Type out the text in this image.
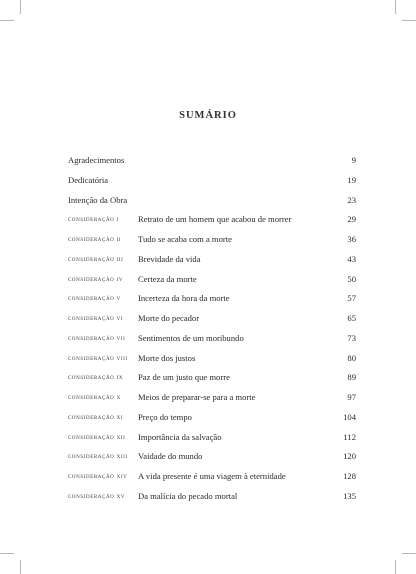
SUMÁRIO
Agradecimentos	9
Dedicatória	19
Intenção da Obra	23
consideração i Retrato de um homem que acabou de morrer	29
consideração ii Tudo se acaba com a morte	36
consideração iii Brevidade da vida	43
consideração iv Certeza da morte	50
consideração v Incerteza da hora da morte	57
consideração vi Morte do pecador	65
consideração vii Sentimentos de um moribundo	73
consideração viii Morte dos justos	80
consideração ix Paz de um justo que morre	89
consideração x Meios de preparar-se para a morte	97
consideração xi Preço do tempo	104
consideração xii Importância da salvação	112
consideração xiii Vaidade do mundo	120
consideração xiv A vida presente é uma viagem à eternidade	128
consideração xv Da malícia do pecado mortal	135
